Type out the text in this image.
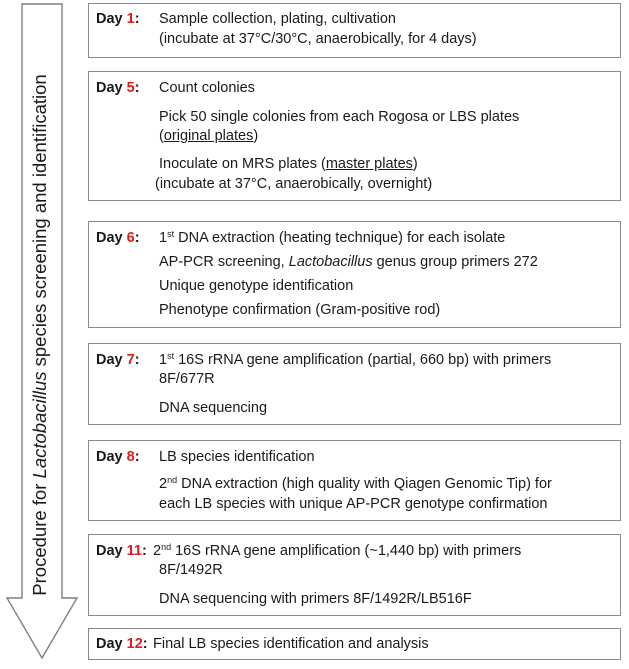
Procedure for Lactobacillus species screening and identification
Day 1: Sample collection, plating, cultivation
(incubate at 37°C/30°C, anaerobically, for 4 days)
Day 5: Count colonies
Pick 50 single colonies from each Rogosa or LBS plates
(original plates)
Inoculate on MRS plates (master plates)
(incubate at 37°C, anaerobically, overnight)
Day 6: 1st DNA extraction (heating technique) for each isolate
AP-PCR screening, Lactobacillus genus group primers 272
Unique genotype identification
Phenotype confirmation (Gram-positive rod)
Day 7: 1st 16S rRNA gene amplification (partial, 660 bp) with primers
8F/677R
DNA sequencing
Day 8: LB species identification
2nd DNA extraction (high quality with Qiagen Genomic Tip) for
each LB species with unique AP-PCR genotype confirmation
Day 11: 2nd 16S rRNA gene amplification (~1,440 bp) with primers
8F/1492R
DNA sequencing with primers 8F/1492R/LB516F
Day 12: Final LB species identification and analysis
